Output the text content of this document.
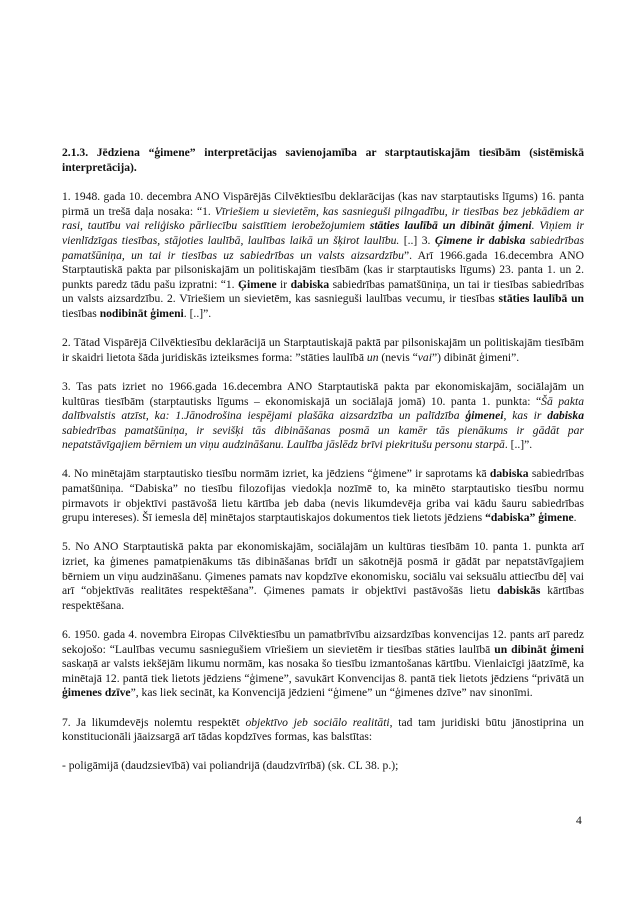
2.1.3. Jēdziena “ģimene” interpretācijas savienojamība ar starptautiskajām tiesībām (sistēmiskā interpretācija).

1. 1948. gada 10. decembra ANO Vispārējās Cilvēktiesību deklarācijas (kas nav starptautisks līgums) 16. panta pirmā un trešā daļa nosaka: “1. Vīriešiem u sievietēm, kas sasnieguši pilngadību, ir tiesības bez jebkādiem ar rasi, tautību vai reliģisko pārliecību saistītiem ierobežojumiem stāties laulībā un dibināt ģimeni. Viņiem ir vienlīdzīgas tiesības, stājoties laulībā, laulības laikā un šķirot laulību. [..] 3. Ģimene ir dabiska sabiedrības pamatšūniņa, un tai ir tiesības uz sabiedrības un valsts aizsardzību”. Arī 1966.gada 16.decembra ANO Starptautiskā pakta par pilsoniskajām un politiskajām tiesībām (kas ir starptautisks līgums) 23. panta 1. un 2. punkts paredz tādu pašu izpratni: “1. Ģimene ir dabiska sabiedrības pamatšūniņa, un tai ir tiesības sabiedrības un valsts aizsardzību. 2. Vīriešiem un sievietēm, kas sasnieguši laulības vecumu, ir tiesības stāties laulībā un tiesības nodibināt ģimeni. [..]”.

2. Tātad Vispārējā Cilvēktiesību deklarācijā un Starptautiskajā paktā par pilsoniskajām un politiskajām tiesībām ir skaidri lietota šāda juridiskās izteiksmes forma: ”stāties laulībā un (nevis “vai”) dibināt ģimeni”.

3. Tas pats izriet no 1966.gada 16.decembra ANO Starptautiskā pakta par ekonomiskajām, sociālajām un kultūras tiesībām (starptautisks līgums – ekonomiskajā un sociālajā jomā) 10. panta 1. punkta: “Šā pakta dalībvalstis atzīst, ka: 1.Jānodrošina iespējami plašāka aizsardzība un palīdzība ģimenei, kas ir dabiska sabiedrības pamatšūniņa, ir sevišķi tās dibināšanas posmā un kamēr tās pienākums ir gādāt par nepatstāvīgajiem bērniem un viņu audzināšanu. Laulība jāslēdz brīvi piekritušu personu starpā. [..]”.

4. No minētajām starptautisko tiesību normām izriet, ka jēdziens “ģimene” ir saprotams kā dabiska sabiedrības pamatšūniņa. “Dabiska” no tiesību filozofijas viedokļa nozīmē to, ka minēto starptautisko tiesību normu pirmavots ir objektīvi pastāvošā lietu kārtība jeb daba (nevis likumdevēja griba vai kādu šauru sabiedrības grupu intereses). Šī iemesla dēļ minētajos starptautiskajos dokumentos tiek lietots jēdziens “dabiska” ģimene.

5. No ANO Starptautiskā pakta par ekonomiskajām, sociālajām un kultūras tiesībām 10. panta 1. punkta arī izriet, ka ģimenes pamatpienākums tās dibināšanas brīdī un sākotnējā posmā ir gādāt par nepatstāvīgajiem bērniem un viņu audzināšanu. Ģimenes pamats nav kopdzīve ekonomisku, sociālu vai seksuālu attiecību dēļ vai arī “objektīvās realitātes respektēšana”. Ģimenes pamats ir objektīvi pastāvošās lietu dabiskās kārtības respektēšana.

6. 1950. gada 4. novembra Eiropas Cilvēktiesību un pamatbrīvību aizsardzības konvencijas 12. pants arī paredz sekojošo: “Laulības vecumu sasniegušiem vīriešiem un sievietēm ir tiesības stāties laulībā un dibināt ģimeni saskaņā ar valsts iekšējām likumu normām, kas nosaka šo tiesību izmantošanas kārtību. Vienlaicīgi jāatzīmē, ka minētajā 12. pantā tiek lietots jēdziens “ģimene”, savukārt Konvencijas 8. pantā tiek lietots jēdziens “privātā un ģimenes dzīve”, kas liek secināt, ka Konvencijā jēdzieni “ģimene” un “ģimenes dzīve” nav sinonīmi.

7. Ja likumdevējs nolemtu respektēt objektīvo jeb sociālo realitāti, tad tam juridiski būtu jānostiprina un konstitucionāli jāaizsargā arī tādas kopdzīves formas, kas balstītas:

- poligāmijā (daudzsievībā) vai poliandrijā (daudzvīrībā) (sk. CL 38. p.);

4
